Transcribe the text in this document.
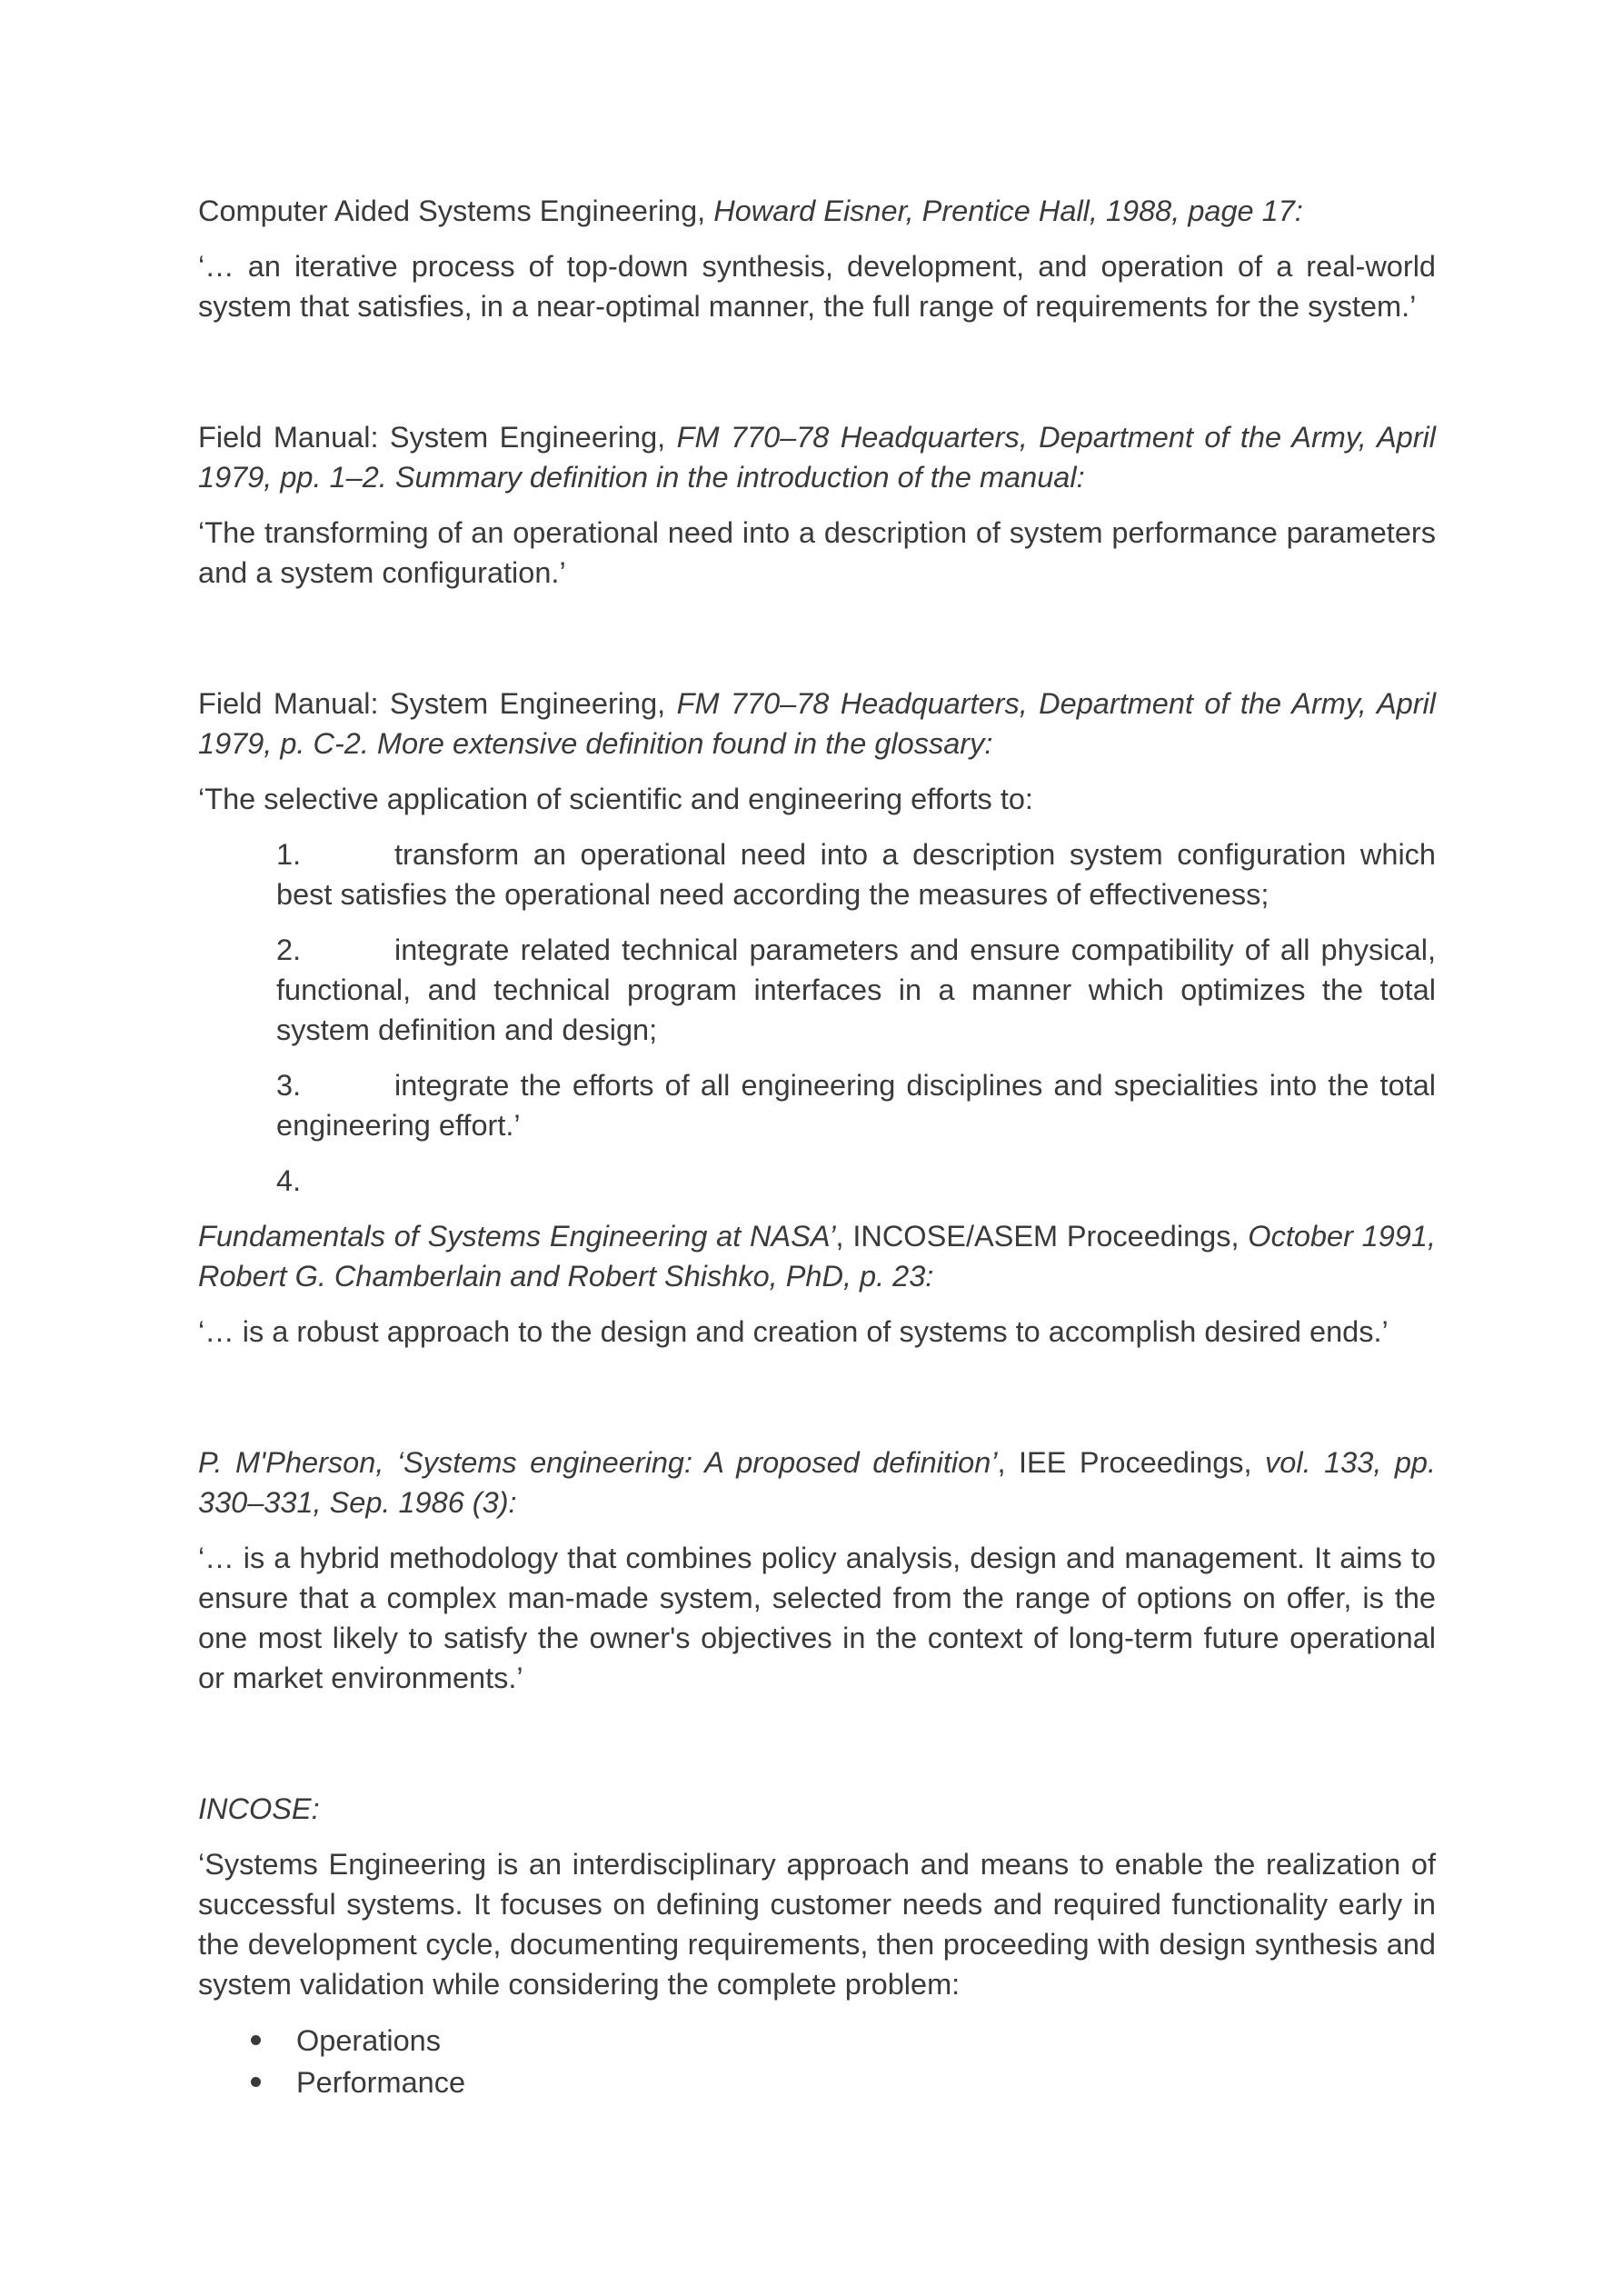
Computer Aided Systems Engineering, Howard Eisner, Prentice Hall, 1988, page 17:

‘… an iterative process of top-down synthesis, development, and operation of a real-world system that satisfies, in a near-optimal manner, the full range of requirements for the system.’

Field Manual: System Engineering, FM 770–78 Headquarters, Department of the Army, April 1979, pp. 1–2. Summary definition in the introduction of the manual:

‘The transforming of an operational need into a description of system performance parameters and a system configuration.’

Field Manual: System Engineering, FM 770–78 Headquarters, Department of the Army, April 1979, p. C-2. More extensive definition found in the glossary:

‘The selective application of scientific and engineering efforts to:

1.	transform an operational need into a description system configuration which best satisfies the operational need according the measures of effectiveness;

2.	integrate related technical parameters and ensure compatibility of all physical, functional, and technical program interfaces in a manner which optimizes the total system definition and design;

3.	integrate the efforts of all engineering disciplines and specialities into the total engineering effort.’

4.

Fundamentals of Systems Engineering at NASA’, INCOSE/ASEM Proceedings, October 1991, Robert G. Chamberlain and Robert Shishko, PhD, p. 23:

‘… is a robust approach to the design and creation of systems to accomplish desired ends.’

P. M'Pherson, ‘Systems engineering: A proposed definition’, IEE Proceedings, vol. 133, pp. 330–331, Sep. 1986 (3):

‘… is a hybrid methodology that combines policy analysis, design and management. It aims to ensure that a complex man-made system, selected from the range of options on offer, is the one most likely to satisfy the owner's objectives in the context of long-term future operational or market environments.’

INCOSE:

‘Systems Engineering is an interdisciplinary approach and means to enable the realization of successful systems. It focuses on defining customer needs and required functionality early in the development cycle, documenting requirements, then proceeding with design synthesis and system validation while considering the complete problem:

Operations
Performance
